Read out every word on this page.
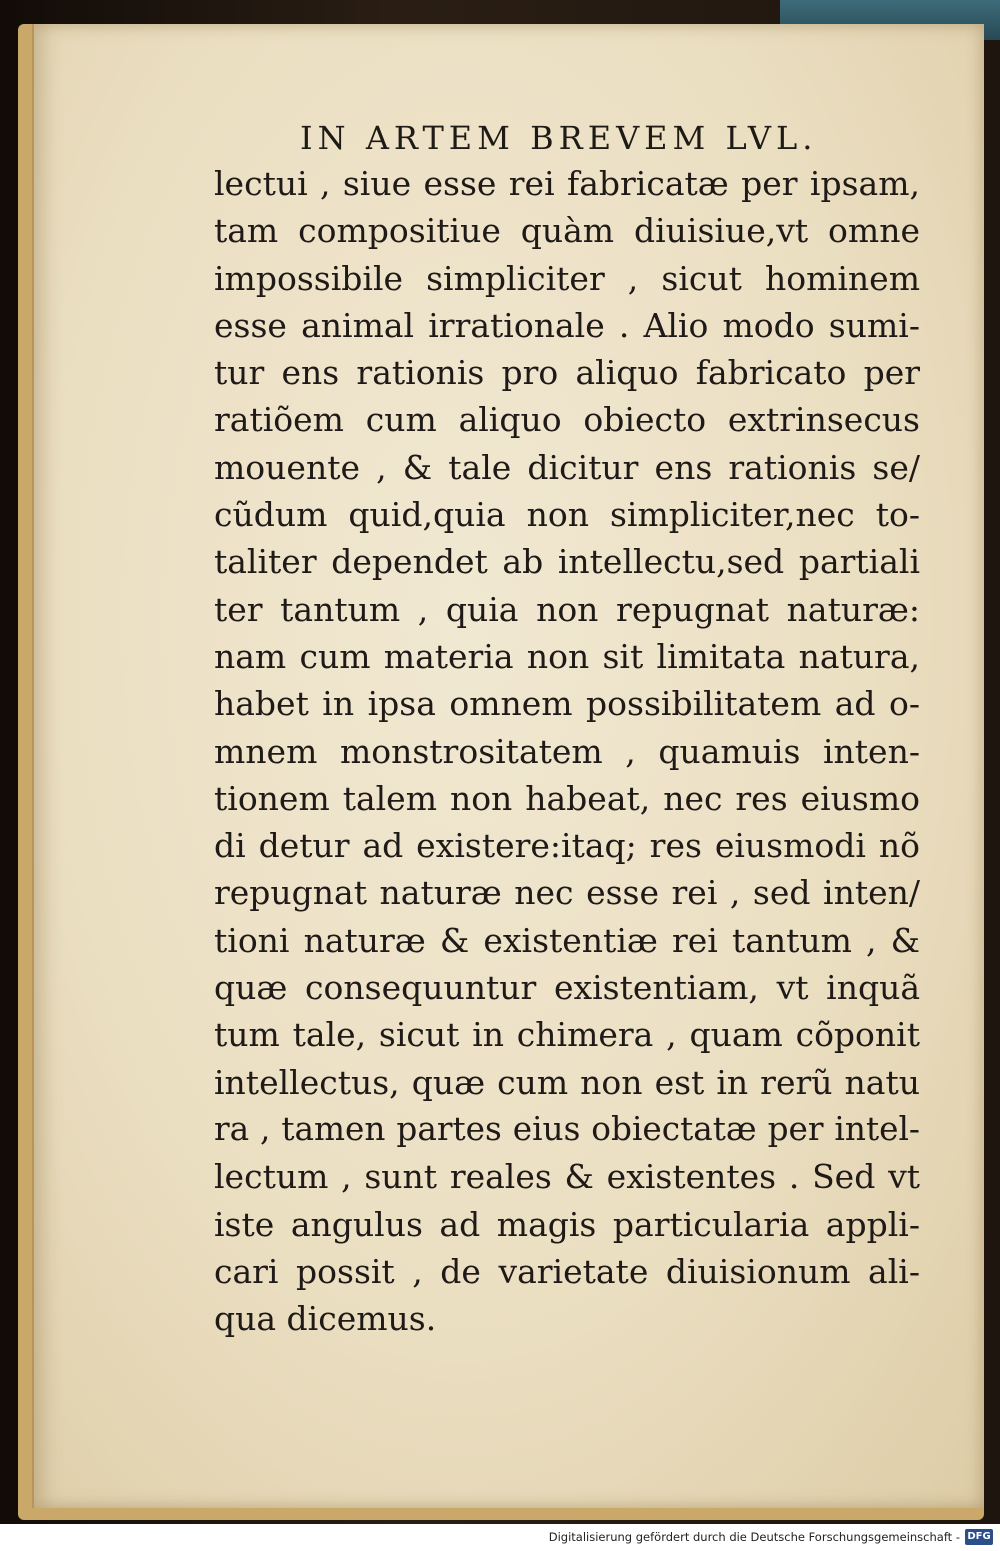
IN ARTEM BREVEM LVL.
lectui , siue esse rei fabricatæ per ipsam,
tam compositiue quàm diuisiue,vt omne
impossibile simpliciter , sicut hominem
esse animal irrationale . Alio modo sumi-
tur ens rationis pro aliquo fabricato per
ratiõem cum aliquo obiecto extrinsecus
mouente , & tale dicitur ens rationis se/
cũdum quid,quia non simpliciter,nec to-
taliter dependet ab intellectu,sed partiali
ter tantum , quia non repugnat naturæ:
nam cum materia non sit limitata natura,
habet in ipsa omnem possibilitatem ad o-
mnem monstrositatem , quamuis inten-
tionem talem non habeat, nec res eiusmo
di detur ad existere:itaq; res eiusmodi nõ
repugnat naturæ nec esse rei , sed inten/
tioni naturæ & existentiæ rei tantum , &
quæ consequuntur existentiam, vt inquã
tum tale, sicut in chimera , quam cõponit
intellectus, quæ cum non est in rerũ natu
ra , tamen partes eius obiectatæ per intel-
lectum , sunt reales & existentes . Sed vt
iste angulus ad magis particularia appli-
cari possit , de varietate diuisionum ali-
qua dicemus.
Digitalisierung gefördert durch die Deutsche Forschungsgemeinschaft - DFG
